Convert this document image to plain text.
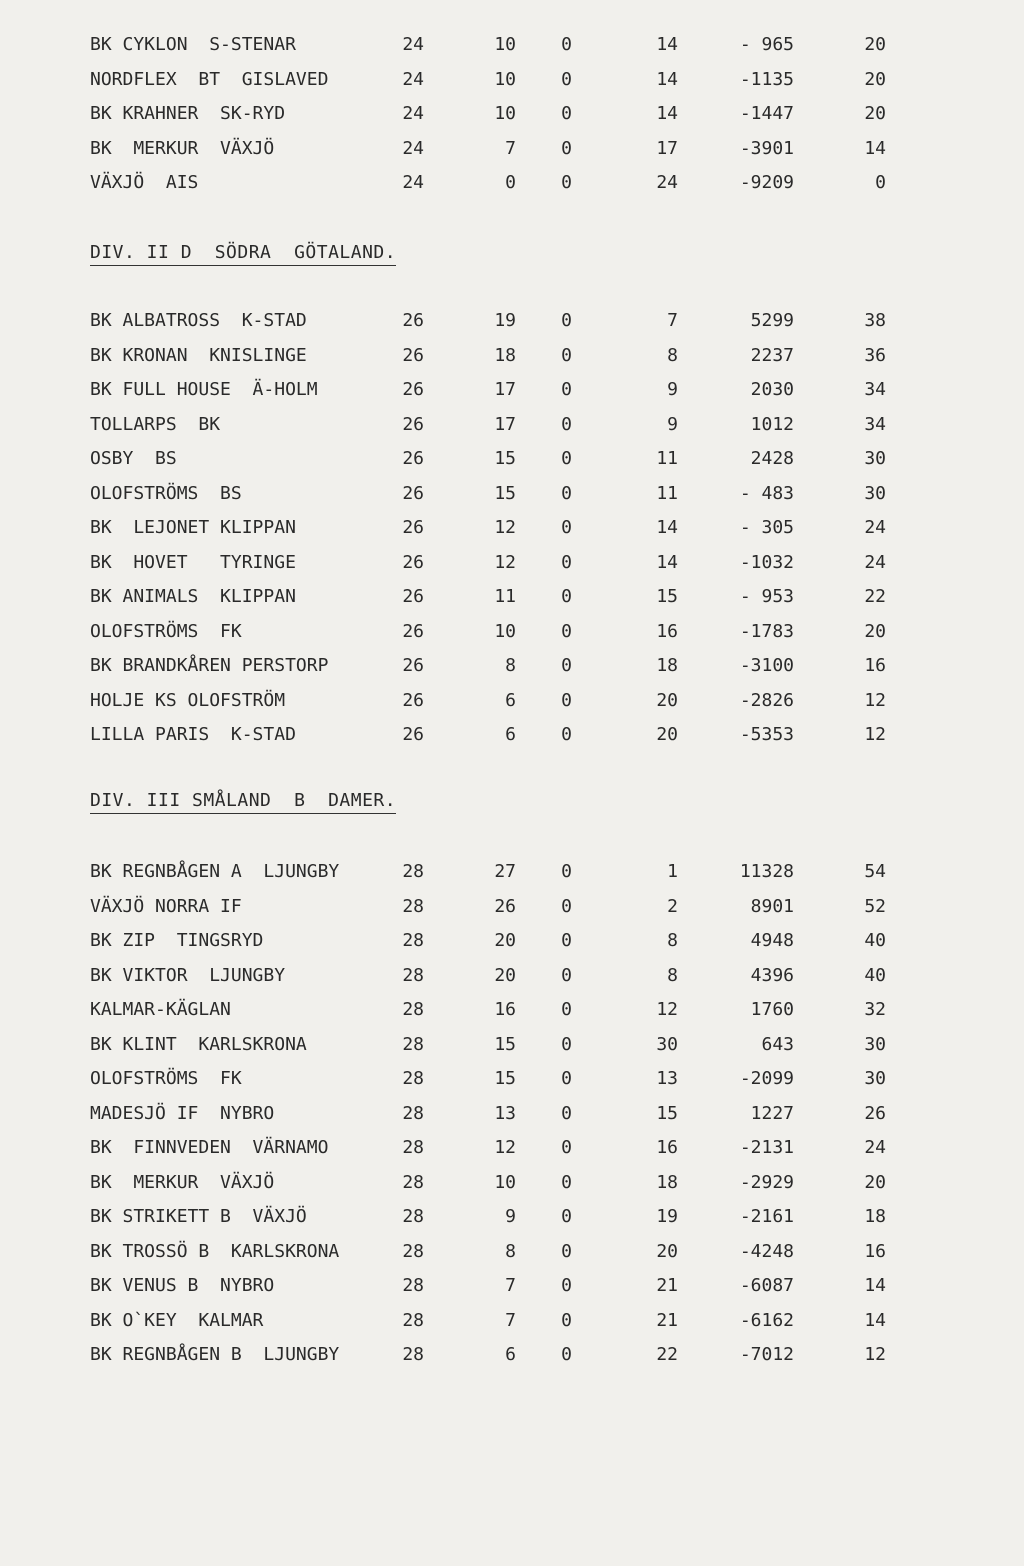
BK CYKLON  S-STENAR	24	10	0	14	- 965	20
NORDFLEX  BT  GISLAVED	24	10	0	14	-1135	20
BK KRAHNER  SK-RYD	24	10	0	14	-1447	20
BK  MERKUR  VÄXJÖ	24	7	0	17	-3901	14
VÄXJÖ  AIS	24	0	0	24	-9209	0
DIV. II D  SÖDRA  GÖTALAND.
BK ALBATROSS  K-STAD	26	19	0	7	5299	38
BK KRONAN  KNISLINGE	26	18	0	8	2237	36
BK FULL HOUSE  Ä-HOLM	26	17	0	9	2030	34
TOLLARPS  BK	26	17	0	9	1012	34
OSBY  BS	26	15	0	11	2428	30
OLOFSTRÖMS  BS	26	15	0	11	- 483	30
BK  LEJONET KLIPPAN	26	12	0	14	- 305	24
BK  HOVET   TYRINGE	26	12	0	14	-1032	24
BK ANIMALS  KLIPPAN	26	11	0	15	- 953	22
OLOFSTRÖMS  FK	26	10	0	16	-1783	20
BK BRANDKÅREN PERSTORP	26	8	0	18	-3100	16
HOLJE KS OLOFSTRÖM	26	6	0	20	-2826	12
LILLA PARIS  K-STAD	26	6	0	20	-5353	12
DIV. III SMÅLAND  B  DAMER.
BK REGNBÅGEN A  LJUNGBY	28	27	0	1	11328	54
VÄXJÖ NORRA IF	28	26	0	2	8901	52
BK ZIP  TINGSRYD	28	20	0	8	4948	40
BK VIKTOR  LJUNGBY	28	20	0	8	4396	40
KALMAR-KÄGLAN	28	16	0	12	1760	32
BK KLINT  KARLSKRONA	28	15	0	30	643	30
OLOFSTRÖMS  FK	28	15	0	13	-2099	30
MADESJÖ IF  NYBRO	28	13	0	15	1227	26
BK  FINNVEDEN  VÄRNAMO	28	12	0	16	-2131	24
BK  MERKUR  VÄXJÖ	28	10	0	18	-2929	20
BK STRIKETT B  VÄXJÖ	28	9	0	19	-2161	18
BK TROSSÖ B  KARLSKRONA	28	8	0	20	-4248	16
BK VENUS B  NYBRO	28	7	0	21	-6087	14
BK O`KEY  KALMAR	28	7	0	21	-6162	14
BK REGNBÅGEN B  LJUNGBY	28	6	0	22	-7012	12
